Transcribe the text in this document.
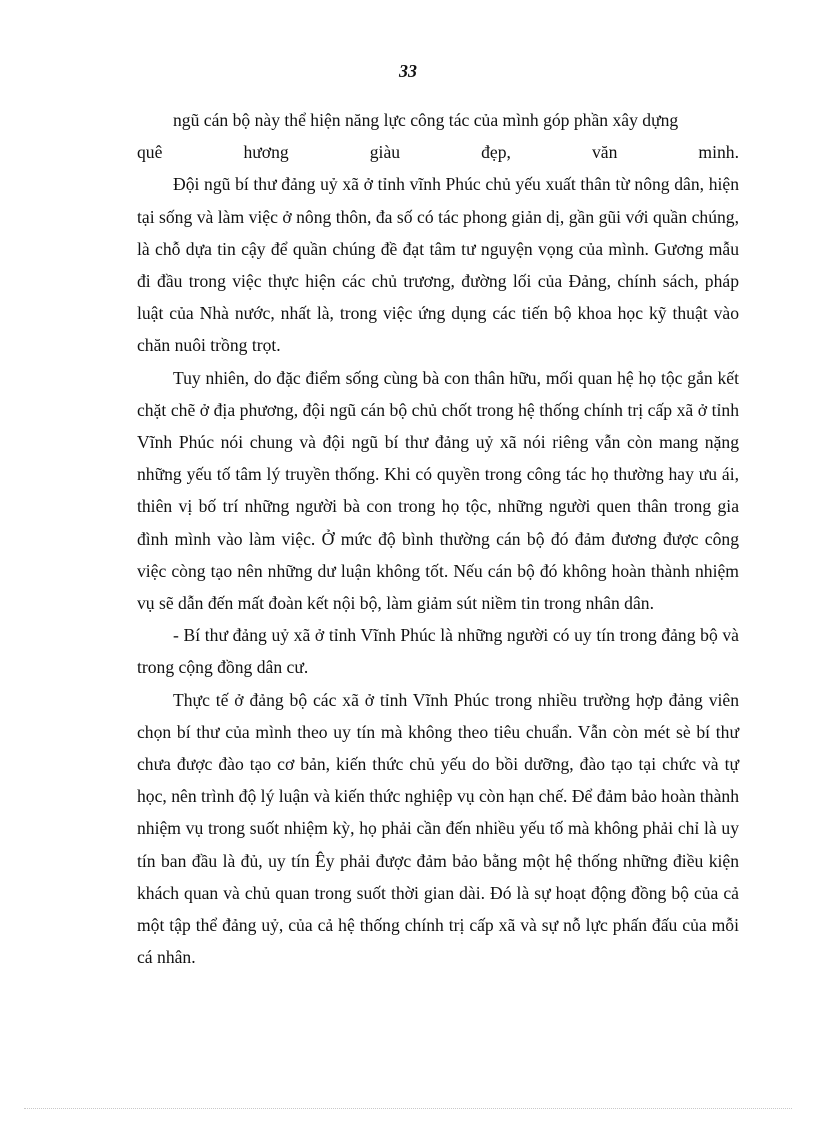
33

ngũ cán bộ này thể hiện năng lực công tác của mình góp phần xây dựng

quê hương giàu đẹp, văn minh.

Đội ngũ bí thư đảng uỷ xã ở tỉnh vĩnh Phúc chủ yếu xuất thân từ nông dân, hiện tại sống và làm việc ở nông thôn, đa số có tác phong giản dị, gần gũi với quần chúng, là chỗ dựa tin cậy để quần chúng đề đạt tâm tư nguyện vọng của mình. Gương mẫu đi đầu trong việc thực hiện các chủ trương, đường lối của Đảng, chính sách, pháp luật của Nhà nước, nhất là, trong việc ứng dụng các tiến bộ khoa học kỹ thuật vào chăn nuôi trồng trọt.

Tuy nhiên, do đặc điểm sống cùng bà con thân hữu, mối quan hệ họ tộc gắn kết chặt chẽ ở địa phương, đội ngũ cán bộ chủ chốt trong hệ thống chính trị cấp xã ở tỉnh Vĩnh Phúc nói chung và đội ngũ bí thư đảng uỷ xã nói riêng vẫn còn mang nặng những yếu tố tâm lý truyền thống. Khi có quyền trong công tác họ thường hay ưu ái, thiên vị bố trí những người bà con trong họ tộc, những người quen thân trong gia đình mình vào làm việc. Ở mức độ bình thường cán bộ đó đảm đương được công việc còng tạo nên những dư luận không tốt. Nếu cán bộ đó không hoàn thành nhiệm vụ sẽ dẫn đến mất đoàn kết nội bộ, làm giảm sút niềm tin trong nhân dân.

- Bí thư đảng uỷ xã ở tỉnh Vĩnh Phúc là những người có uy tín trong đảng bộ và trong cộng đồng dân cư.

Thực tế ở đảng bộ các xã ở tỉnh Vĩnh Phúc trong nhiều trường hợp đảng viên chọn bí thư của mình theo uy tín mà không theo tiêu chuẩn. Vẫn còn mét sè bí thư chưa được đào tạo cơ bản, kiến thức chủ yếu do bồi dưỡng, đào tạo tại chức và tự học, nên trình độ lý luận và kiến thức nghiệp vụ còn hạn chế. Để đảm bảo hoàn thành nhiệm vụ trong suốt nhiệm kỳ, họ phải cần đến nhiều yếu tố mà không phải chỉ là uy tín ban đầu là đủ, uy tín Êy phải được đảm bảo bằng một hệ thống những điều kiện khách quan và chủ quan trong suốt thời gian dài. Đó là sự hoạt động đồng bộ của cả một tập thể đảng uỷ, của cả hệ thống chính trị cấp xã và sự nỗ lực phấn đấu của mỗi cá nhân.
